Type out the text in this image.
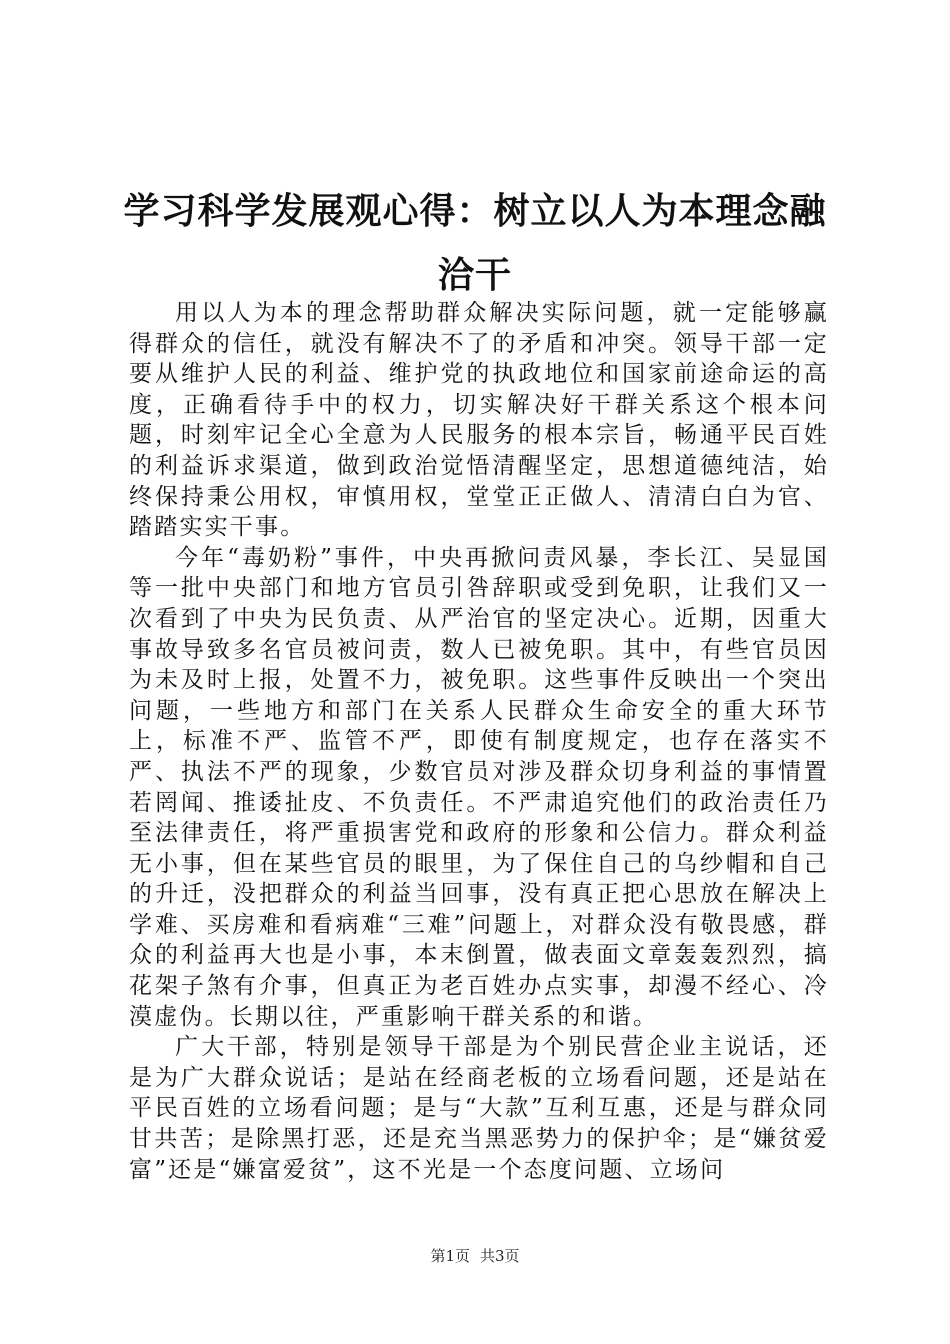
学习科学发展观心得：树立以人为本理念融洽干

用以人为本的理念帮助群众解决实际问题，就一定能够赢得群众的信任，就没有解决不了的矛盾和冲突。领导干部一定要从维护人民的利益、维护党的执政地位和国家前途命运的高度，正确看待手中的权力，切实解决好干群关系这个根本问题，时刻牢记全心全意为人民服务的根本宗旨，畅通平民百姓的利益诉求渠道，做到政治觉悟清醒坚定，思想道德纯洁，始终保持秉公用权，审慎用权，堂堂正正做人、清清白白为官、踏踏实实干事。

今年“毒奶粉”事件，中央再掀问责风暴，李长江、吴显国等一批中央部门和地方官员引咎辞职或受到免职，让我们又一次看到了中央为民负责、从严治官的坚定决心。近期，因重大事故导致多名官员被问责，数人已被免职。其中，有些官员因为未及时上报，处置不力，被免职。这些事件反映出一个突出问题，一些地方和部门在关系人民群众生命安全的重大环节上，标准不严、监管不严，即使有制度规定，也存在落实不严、执法不严的现象，少数官员对涉及群众切身利益的事情置若罔闻、推诿扯皮、不负责任。不严肃追究他们的政治责任乃至法律责任，将严重损害党和政府的形象和公信力。群众利益无小事，但在某些官员的眼里，为了保住自己的乌纱帽和自己的升迁，没把群众的利益当回事，没有真正把心思放在解决上学难、买房难和看病难“三难”问题上，对群众没有敬畏感，群众的利益再大也是小事，本末倒置，做表面文章轰轰烈烈，搞花架子煞有介事，但真正为老百姓办点实事，却漫不经心、冷漠虚伪。长期以往，严重影响干群关系的和谐。

广大干部，特别是领导干部是为个别民营企业主说话，还是为广大群众说话；是站在经商老板的立场看问题，还是站在平民百姓的立场看问题；是与“大款”互利互惠，还是与群众同甘共苦；是除黑打恶，还是充当黑恶势力的保护伞；是“嫌贫爱富”还是“嫌富爱贫”，这不光是一个态度问题、立场问

第1页 共3页
